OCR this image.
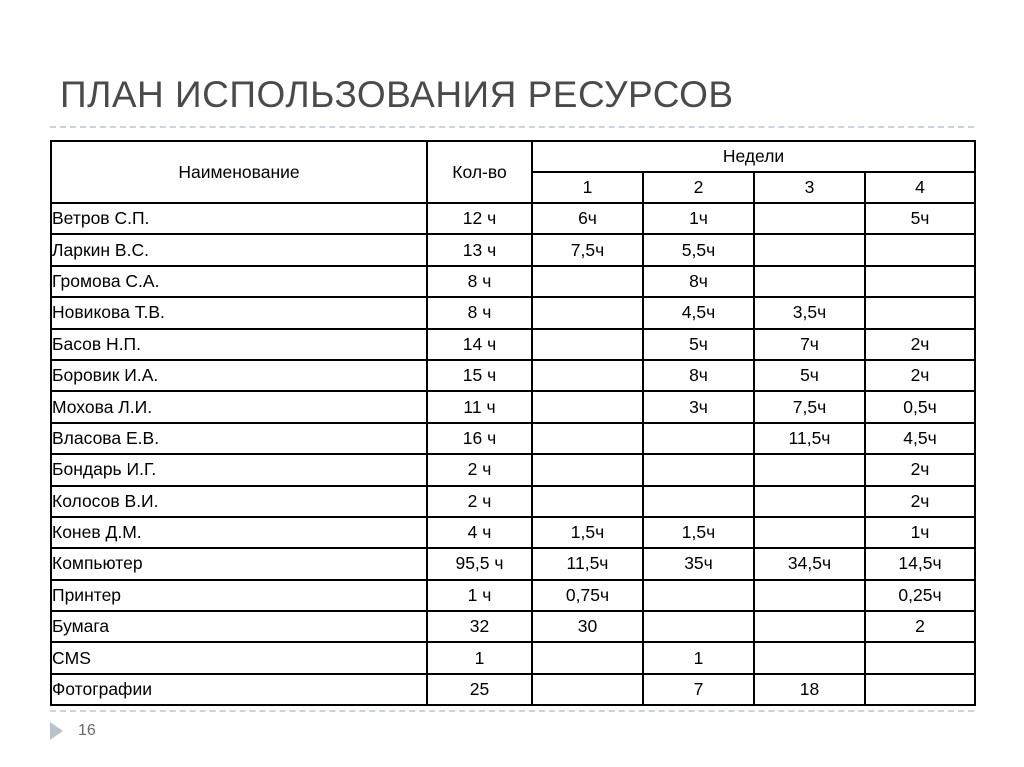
ПЛАН ИСПОЛЬЗОВАНИЯ РЕСУРСОВ
Наименование	Кол-во	Недели			
		1	2	3	4
Ветров С.П.	12 ч	6ч	1ч		5ч
Ларкин В.С.	13 ч	7,5ч	5,5ч		
Громова С.А.	8 ч		8ч		
Новикова Т.В.	8 ч		4,5ч	3,5ч	
Басов Н.П.	14 ч		5ч	7ч	2ч
Боровик И.А.	15 ч		8ч	5ч	2ч
Мохова Л.И.	11 ч		3ч	7,5ч	0,5ч
Власова Е.В.	16 ч			11,5ч	4,5ч
Бондарь И.Г.	2 ч				2ч
Колосов В.И.	2 ч				2ч
Конев Д.М.	4 ч	1,5ч	1,5ч		1ч
Компьютер	95,5 ч	11,5ч	35ч	34,5ч	14,5ч
Принтер	1 ч	0,75ч			0,25ч
Бумага	32	30			2
CMS	1		1		
Фотографии	25		7	18	
16
